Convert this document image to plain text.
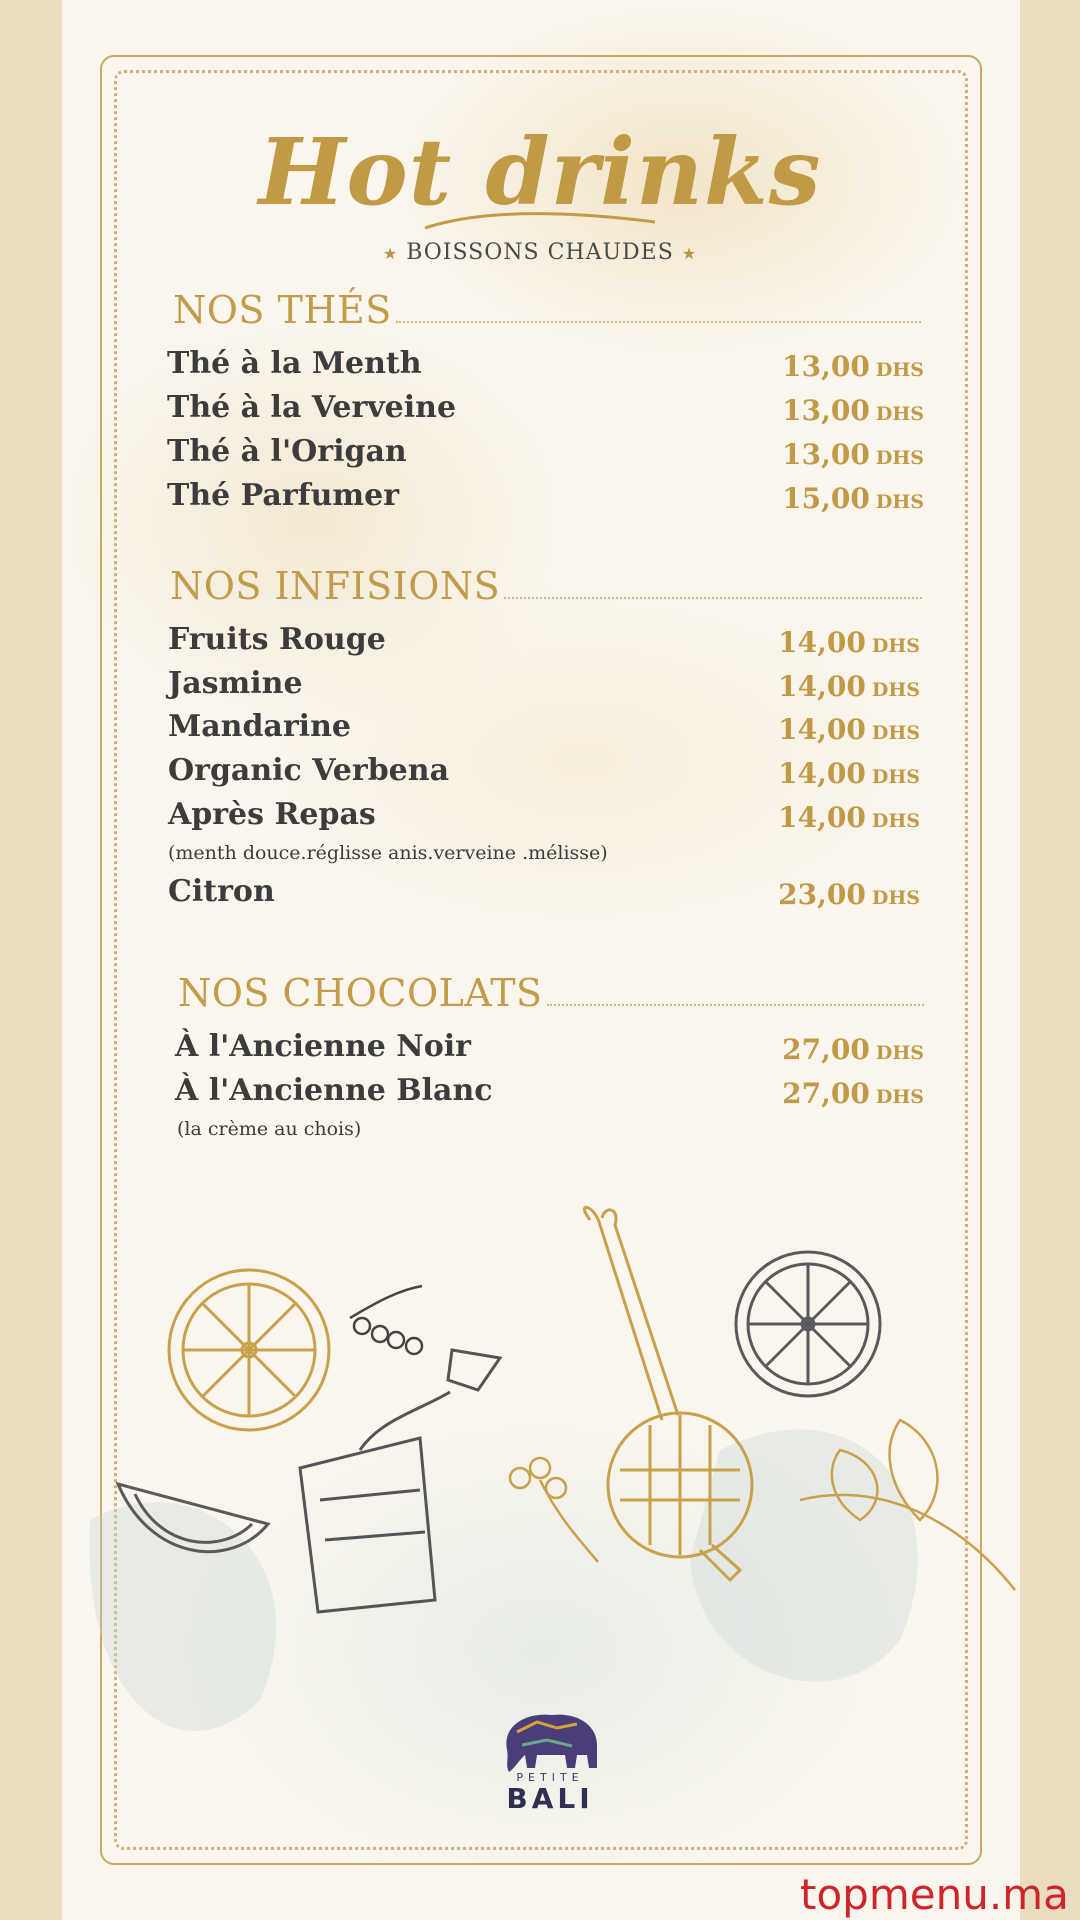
Hot drinks
★ BOISSONS CHAUDES ★
NOS THÉS
Thé à la Menth	13,00 DHS
Thé à la Verveine	13,00 DHS
Thé à l'Origan	13,00 DHS
Thé Parfumer	15,00 DHS
NOS INFISIONS
Fruits Rouge	14,00 DHS
Jasmine	14,00 DHS
Mandarine	14,00 DHS
Organic Verbena	14,00 DHS
Après Repas	14,00 DHS
(menth douce.réglisse anis.verveine .mélisse)
Citron	23,00 DHS
NOS CHOCOLATS
À l'Ancienne Noir	27,00 DHS
À l'Ancienne Blanc	27,00 DHS
(la crème au chois)
PETITE
BALI
topmenu.ma
